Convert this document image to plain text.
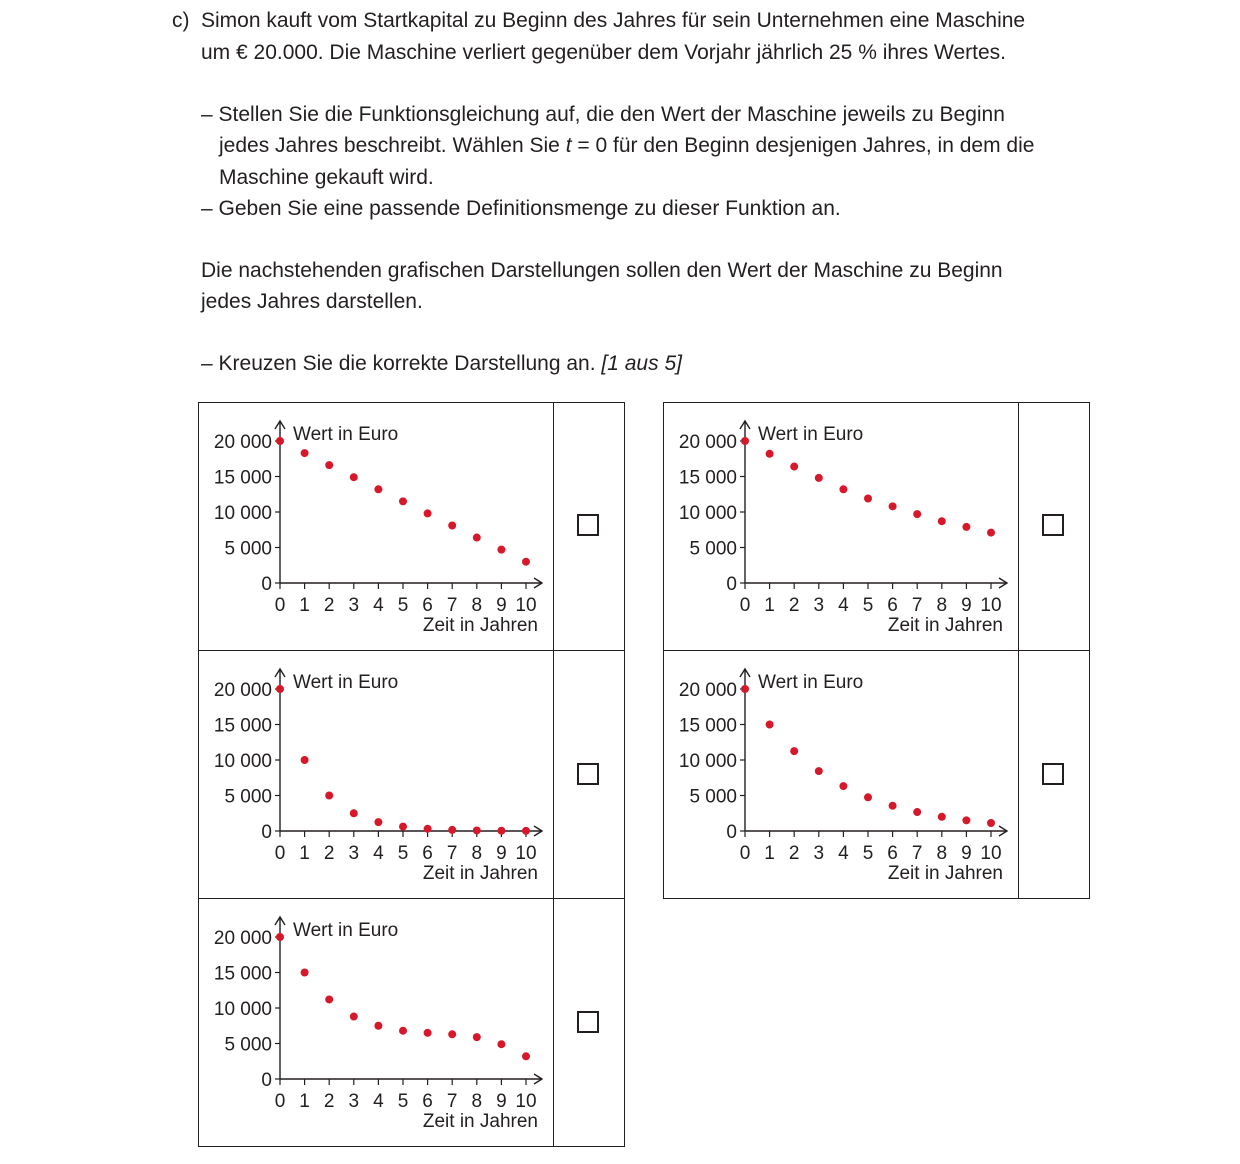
c) Simon kauft vom Startkapital zu Beginn des Jahres für sein Unternehmen eine Maschine
um € 20.000. Die Maschine verliert gegenüber dem Vorjahr jährlich 25 % ihres Wertes.
– Stellen Sie die Funktionsgleichung auf, die den Wert der Maschine jeweils zu Beginn
jedes Jahres beschreibt. Wählen Sie t = 0 für den Beginn desjenigen Jahres, in dem die
Maschine gekauft wird.
– Geben Sie eine passende Definitionsmenge zu dieser Funktion an.
Die nachstehenden grafischen Darstellungen sollen den Wert der Maschine zu Beginn
jedes Jahres darstellen.
– Kreuzen Sie die korrekte Darstellung an. [1 aus 5]
0
5 000
10 000
15 000
20 000
0 1 2 3 4 5 6 7 8 9 10
Wert in Euro
Zeit in Jahren
0
5 000
10 000
15 000
20 000
0 1 2 3 4 5 6 7 8 9 10
Wert in Euro
Zeit in Jahren
0
5 000
10 000
15 000
20 000
0 1 2 3 4 5 6 7 8 9 10
Wert in Euro
Zeit in Jahren
0
5 000
10 000
15 000
20 000
0 1 2 3 4 5 6 7 8 9 10
Wert in Euro
Zeit in Jahren
0
5 000
10 000
15 000
20 000
0 1 2 3 4 5 6 7 8 9 10
Wert in Euro
Zeit in Jahren
